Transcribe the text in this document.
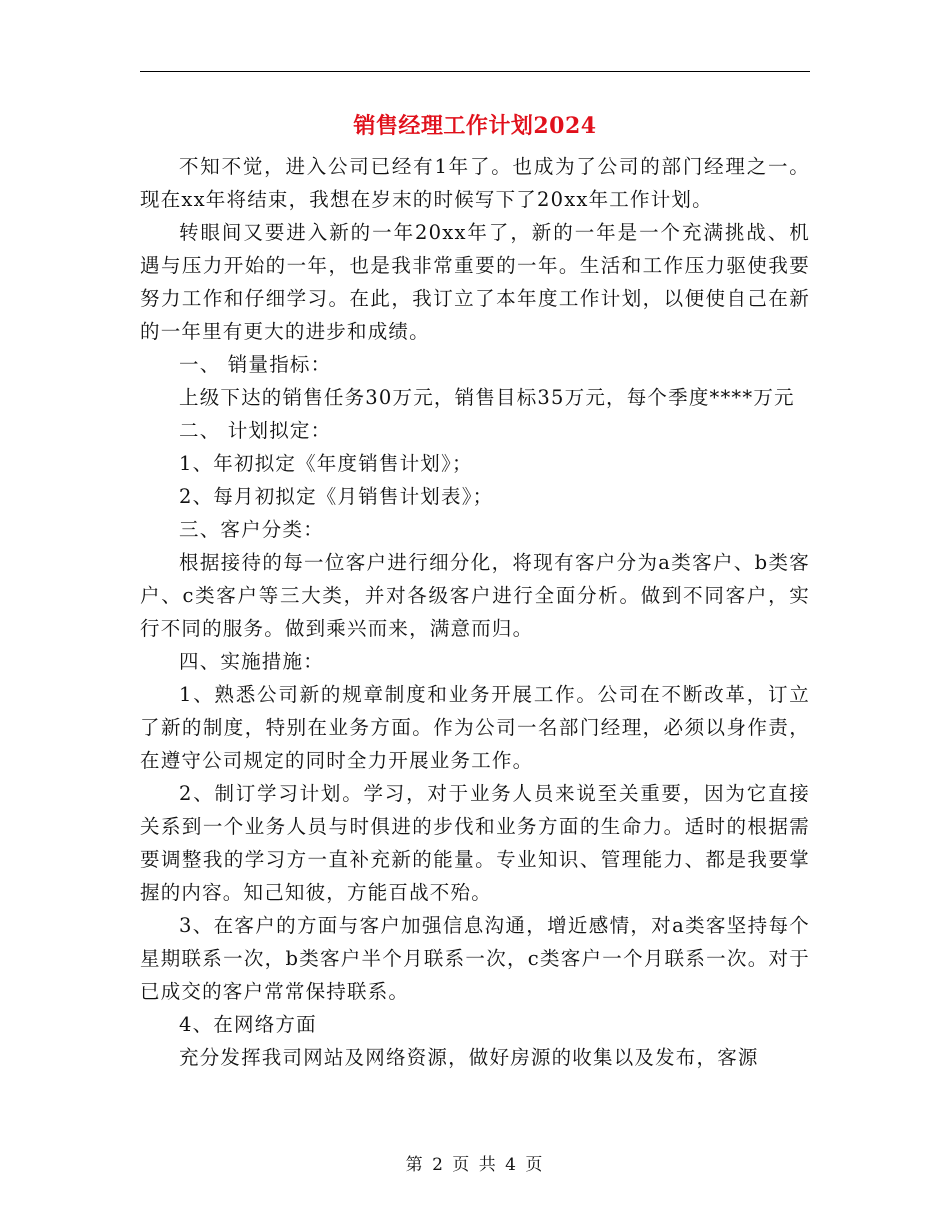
销售经理工作计划2024

不知不觉，进入公司已经有1年了。也成为了公司的部门经理之一。现在xx年将结束，我想在岁末的时候写下了20xx年工作计划。

转眼间又要进入新的一年20xx年了，新的一年是一个充满挑战、机遇与压力开始的一年，也是我非常重要的一年。生活和工作压力驱使我要努力工作和仔细学习。在此，我订立了本年度工作计划，以便使自己在新的一年里有更大的进步和成绩。

一、 销量指标：

上级下达的销售任务30万元，销售目标35万元，每个季度****万元

二、 计划拟定：

1、年初拟定《年度销售计划》；

2、每月初拟定《月销售计划表》；

三、客户分类：

根据接待的每一位客户进行细分化，将现有客户分为a类客户、b类客户、c类客户等三大类，并对各级客户进行全面分析。做到不同客户，实行不同的服务。做到乘兴而来，满意而归。

四、实施措施：

1、熟悉公司新的规章制度和业务开展工作。公司在不断改革，订立了新的制度，特别在业务方面。作为公司一名部门经理，必须以身作责，在遵守公司规定的同时全力开展业务工作。

2、制订学习计划。学习，对于业务人员来说至关重要，因为它直接关系到一个业务人员与时俱进的步伐和业务方面的生命力。适时的根据需要调整我的学习方一直补充新的能量。专业知识、管理能力、都是我要掌握的内容。知己知彼，方能百战不殆。

3、在客户的方面与客户加强信息沟通，增近感情，对a类客坚持每个星期联系一次，b类客户半个月联系一次，c类客户一个月联系一次。对于已成交的客户常常保持联系。

4、在网络方面

充分发挥我司网站及网络资源，做好房源的收集以及发布，客源

第 2 页 共 4 页
